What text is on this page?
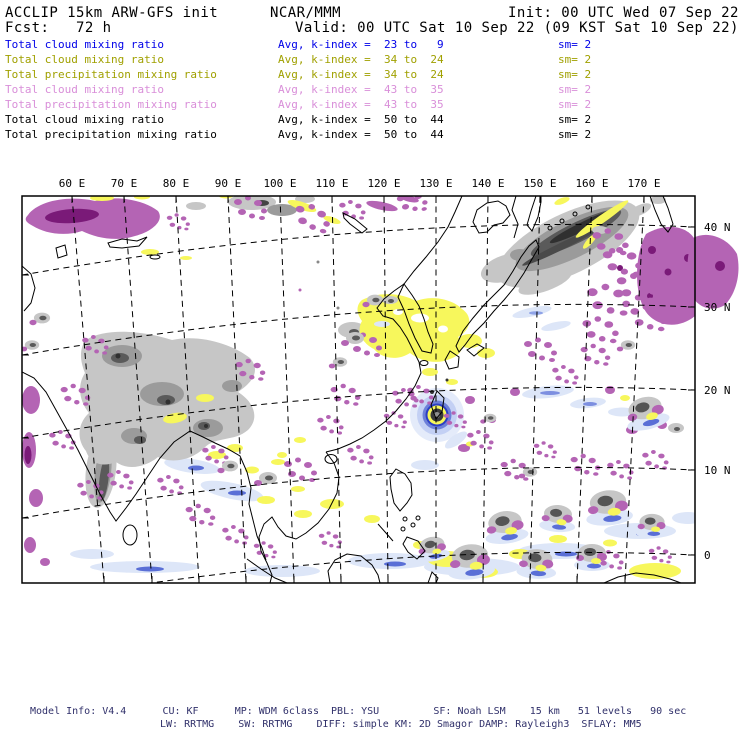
ACCLIP 15km ARW-GFS init	NCAR/MMM	Init: 00 UTC Wed 07 Sep 22
Fcst:   72 h	Valid: 00 UTC Sat 10 Sep 22 (09 KST Sat 10 Sep 22)
Total cloud mixing ratio	Avg, k-index =  23 to   9	sm= 2
Total cloud mixing ratio	Avg, k-index =  34 to  24	sm= 2
Total precipitation mixing ratio	Avg, k-index =  34 to  24	sm= 2
Total cloud mixing ratio	Avg, k-index =  43 to  35	sm= 2
Total precipitation mixing ratio	Avg, k-index =  43 to  35	sm= 2
Total cloud mixing ratio	Avg, k-index =  50 to  44	sm= 2
Total precipitation mixing ratio	Avg, k-index =  50 to  44	sm= 2
60 E 70 E 80 E 90 E 100 E 110 E 120 E 130 E 140 E 150 E 160 E 170 E
40 N
30 N
20 N
10 N
0
Model Info: V4.4      CU: KF      MP: WDM 6class  PBL: YSU         SF: Noah LSM    15 km   51 levels   90 sec
LW: RRTMG    SW: RRTMG    DIFF: simple KM: 2D Smagor DAMP: Rayleigh3  SFLAY: MM5
